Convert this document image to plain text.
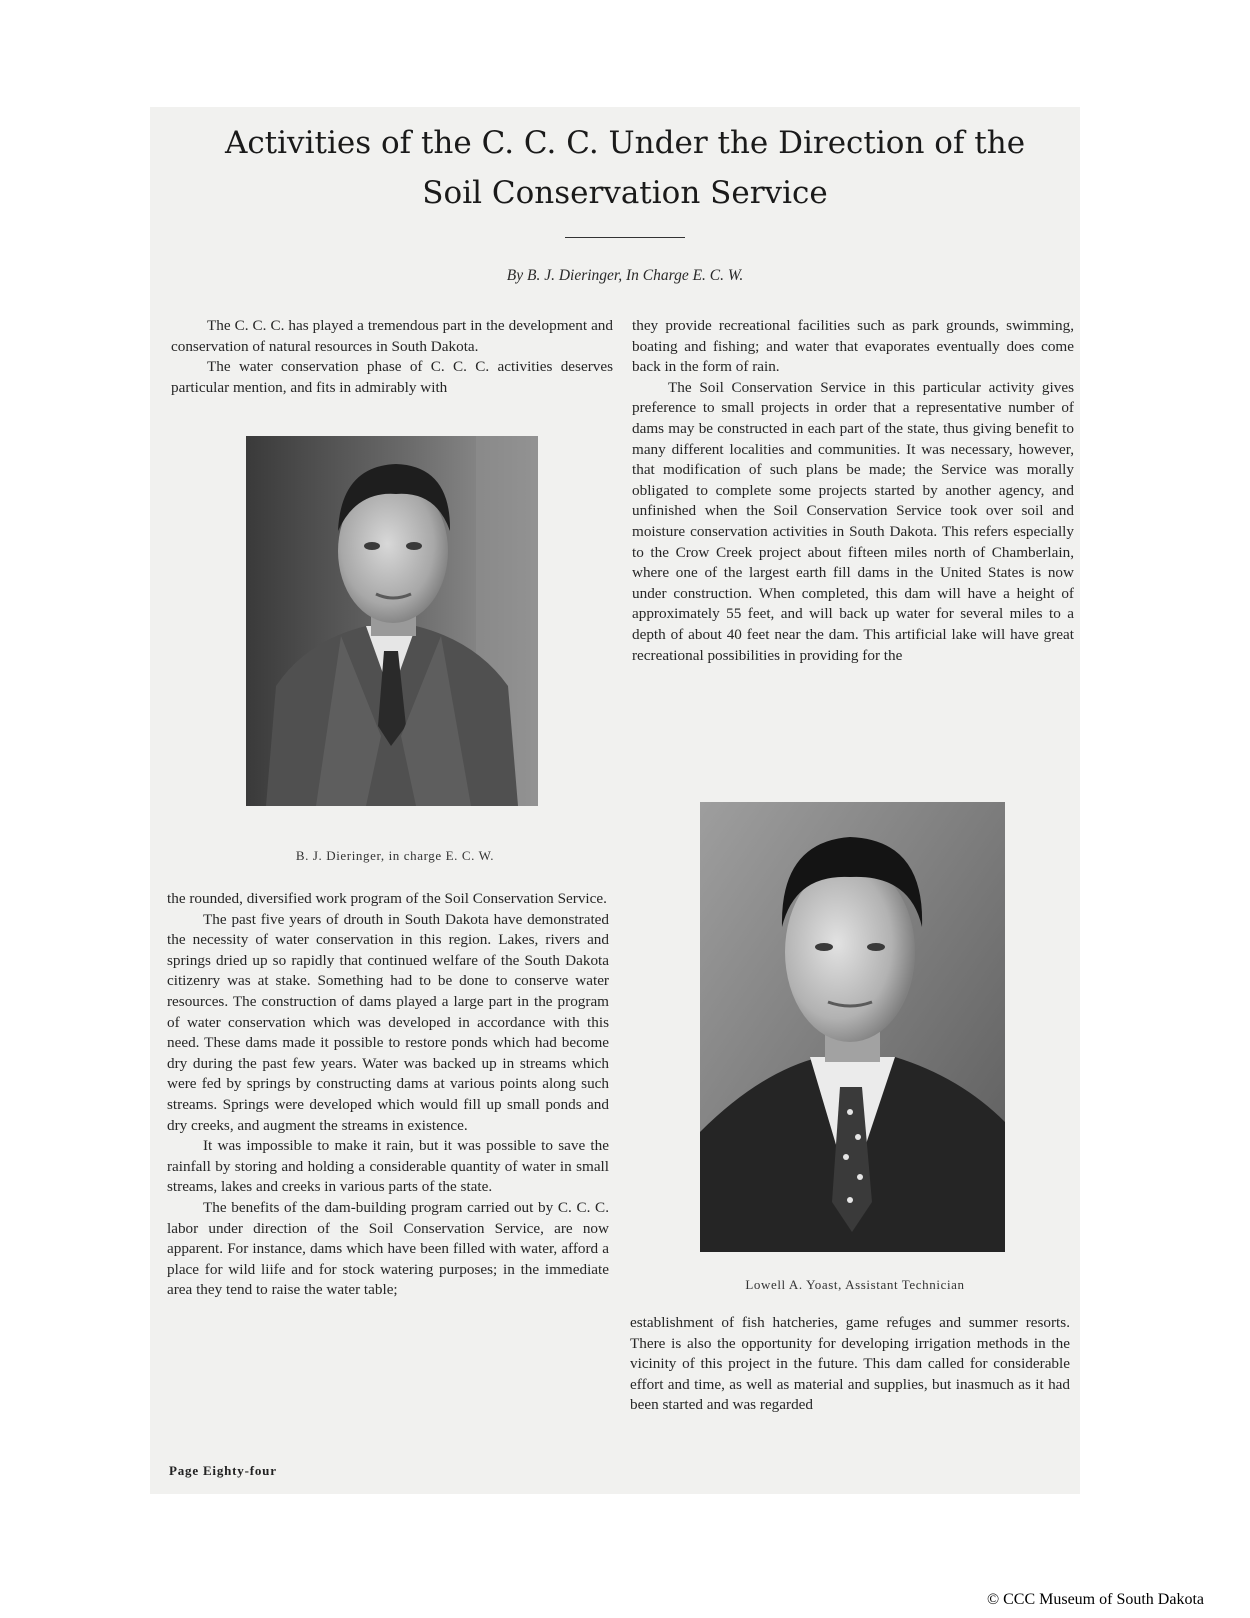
Activities of the C. C. C. Under the Direction of the
Soil Conservation Service
By B. J. Dieringer, In Charge E. C. W.

The C. C. C. has played a tremendous part in the development and conservation of natural resources in South Dakota.

The water conservation phase of C. C. C. activities deserves particular mention, and fits in admirably with

B. J. Dieringer, in charge E. C. W.

the rounded, diversified work program of the Soil Conservation Service.

The past five years of drouth in South Dakota have demonstrated the necessity of water conservation in this region. Lakes, rivers and springs dried up so rapidly that continued welfare of the South Dakota citizenry was at stake. Something had to be done to conserve water resources. The construction of dams played a large part in the program of water conservation which was developed in accordance with this need. These dams made it possible to restore ponds which had become dry during the past few years. Water was backed up in streams which were fed by springs by constructing dams at various points along such streams. Springs were developed which would fill up small ponds and dry creeks, and augment the streams in existence.

It was impossible to make it rain, but it was possible to save the rainfall by storing and holding a considerable quantity of water in small streams, lakes and creeks in various parts of the state.

The benefits of the dam-building program carried out by C. C. C. labor under direction of the Soil Conservation Service, are now apparent. For instance, dams which have been filled with water, afford a place for wild liife and for stock watering purposes; in the immediate area they tend to raise the water table;

they provide recreational facilities such as park grounds, swimming, boating and fishing; and water that evaporates eventually does come back in the form of rain.

The Soil Conservation Service in this particular activity gives preference to small projects in order that a representative number of dams may be constructed in each part of the state, thus giving benefit to many different localities and communities. It was necessary, however, that modification of such plans be made; the Service was morally obligated to complete some projects started by another agency, and unfinished when the Soil Conservation Service took over soil and moisture conservation activities in South Dakota. This refers especially to the Crow Creek project about fifteen miles north of Chamberlain, where one of the largest earth fill dams in the United States is now under construction. When completed, this dam will have a height of approximately 55 feet, and will back up water for several miles to a depth of about 40 feet near the dam. This artificial lake will have great recreational possibilities in providing for the

Lowell A. Yoast, Assistant Technician

establishment of fish hatcheries, game refuges and summer resorts. There is also the opportunity for developing irrigation methods in the vicinity of this project in the future. This dam called for considerable effort and time, as well as material and supplies, but inasmuch as it had been started and was regarded

Page Eighty-four
© CCC Museum of South Dakota
